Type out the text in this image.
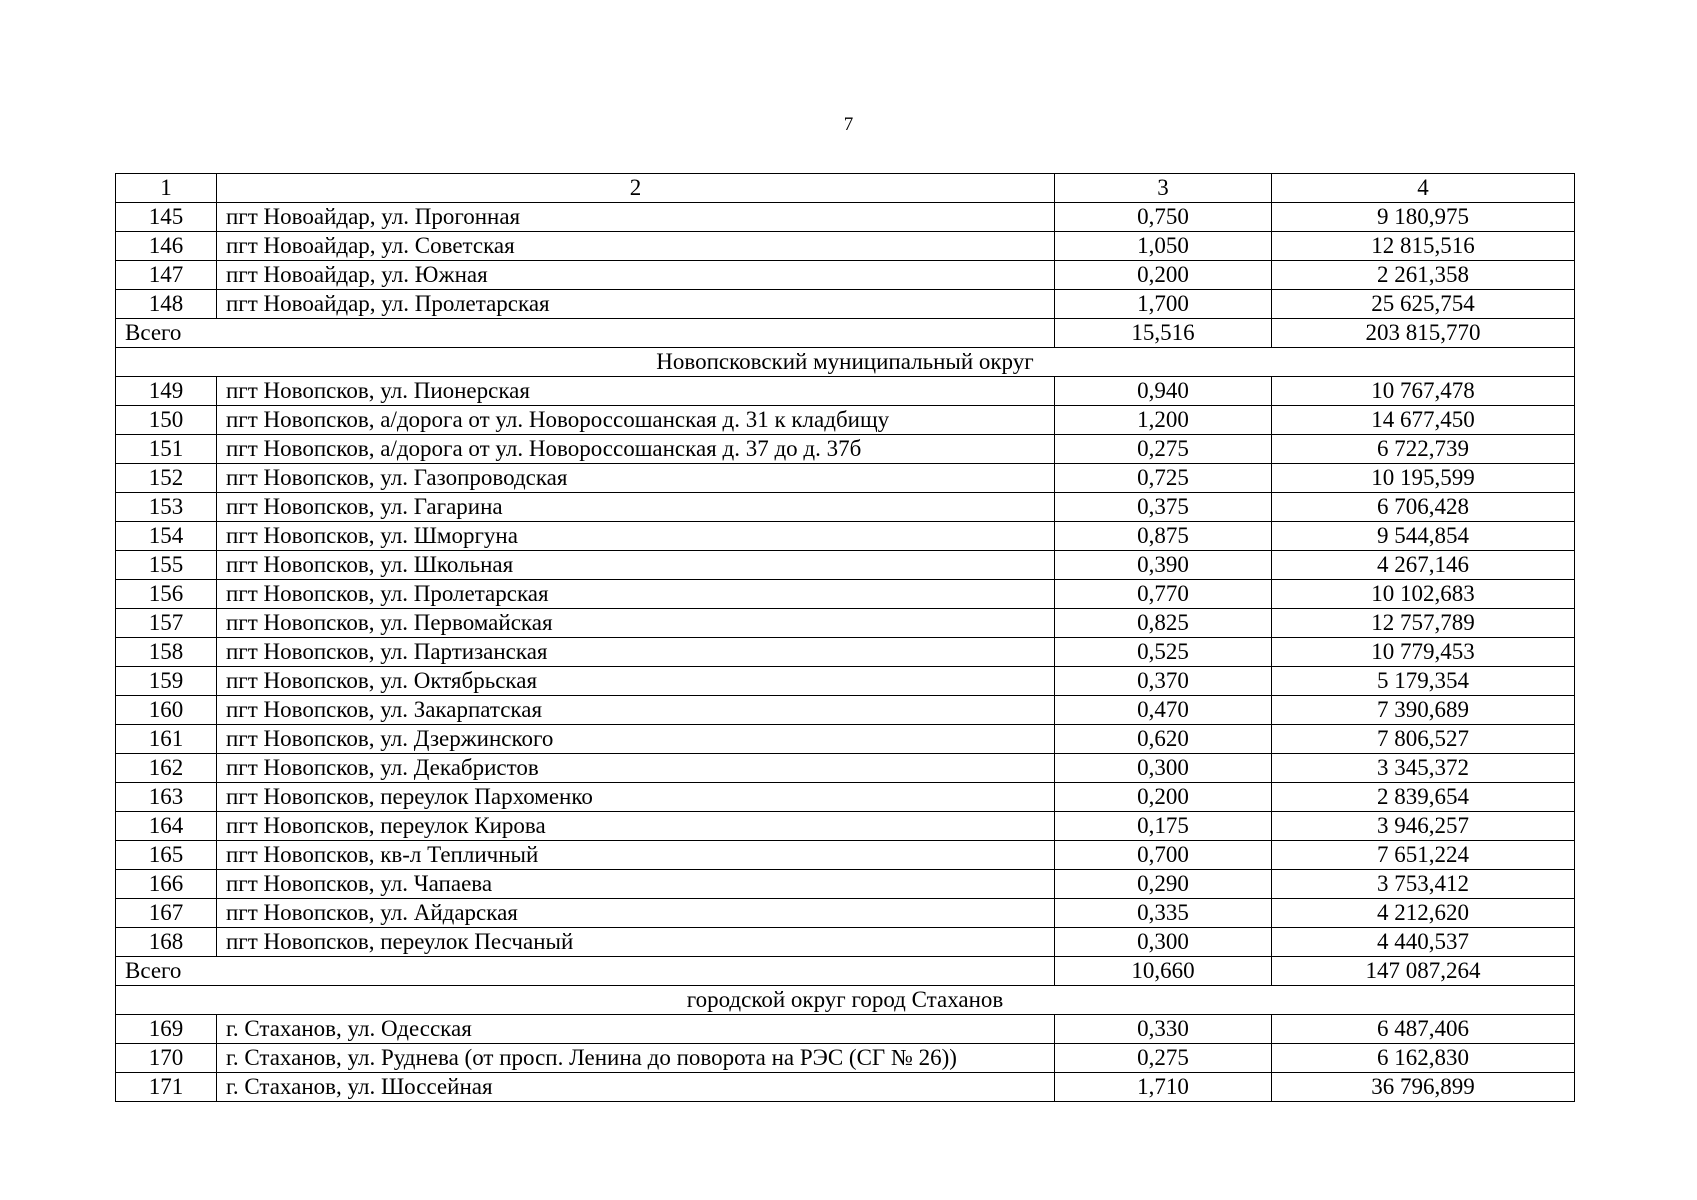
7
1	2	3	4
145	пгт Новоайдар, ул. Прогонная	0,750	9 180,975
146	пгт Новоайдар, ул. Советская	1,050	12 815,516
147	пгт Новоайдар, ул. Южная	0,200	2 261,358
148	пгт Новоайдар, ул. Пролетарская	1,700	25 625,754
Всего		15,516	203 815,770
Новопсковский муниципальный округ			
149	пгт Новопсков, ул. Пионерская	0,940	10 767,478
150	пгт Новопсков, а/дорога от ул. Новороссошанская д. 31 к кладбищу	1,200	14 677,450
151	пгт Новопсков, а/дорога от ул. Новороссошанская д. 37 до д. 37б	0,275	6 722,739
152	пгт Новопсков, ул. Газопроводская	0,725	10 195,599
153	пгт Новопсков, ул. Гагарина	0,375	6 706,428
154	пгт Новопсков, ул. Шморгуна	0,875	9 544,854
155	пгт Новопсков, ул. Школьная	0,390	4 267,146
156	пгт Новопсков, ул. Пролетарская	0,770	10 102,683
157	пгт Новопсков, ул. Первомайская	0,825	12 757,789
158	пгт Новопсков, ул. Партизанская	0,525	10 779,453
159	пгт Новопсков, ул. Октябрьская	0,370	5 179,354
160	пгт Новопсков, ул. Закарпатская	0,470	7 390,689
161	пгт Новопсков, ул. Дзержинского	0,620	7 806,527
162	пгт Новопсков, ул. Декабристов	0,300	3 345,372
163	пгт Новопсков, переулок Пархоменко	0,200	2 839,654
164	пгт Новопсков, переулок Кирова	0,175	3 946,257
165	пгт Новопсков, кв-л Тепличный	0,700	7 651,224
166	пгт Новопсков, ул. Чапаева	0,290	3 753,412
167	пгт Новопсков, ул. Айдарская	0,335	4 212,620
168	пгт Новопсков, переулок Песчаный	0,300	4 440,537
Всего		10,660	147 087,264
городской округ город Стаханов			
169	г. Стаханов, ул. Одесская	0,330	6 487,406
170	г. Стаханов, ул. Руднева (от просп. Ленина до поворота на РЭС (СГ № 26))	0,275	6 162,830
171	г. Стаханов, ул. Шоссейная	1,710	36 796,899
